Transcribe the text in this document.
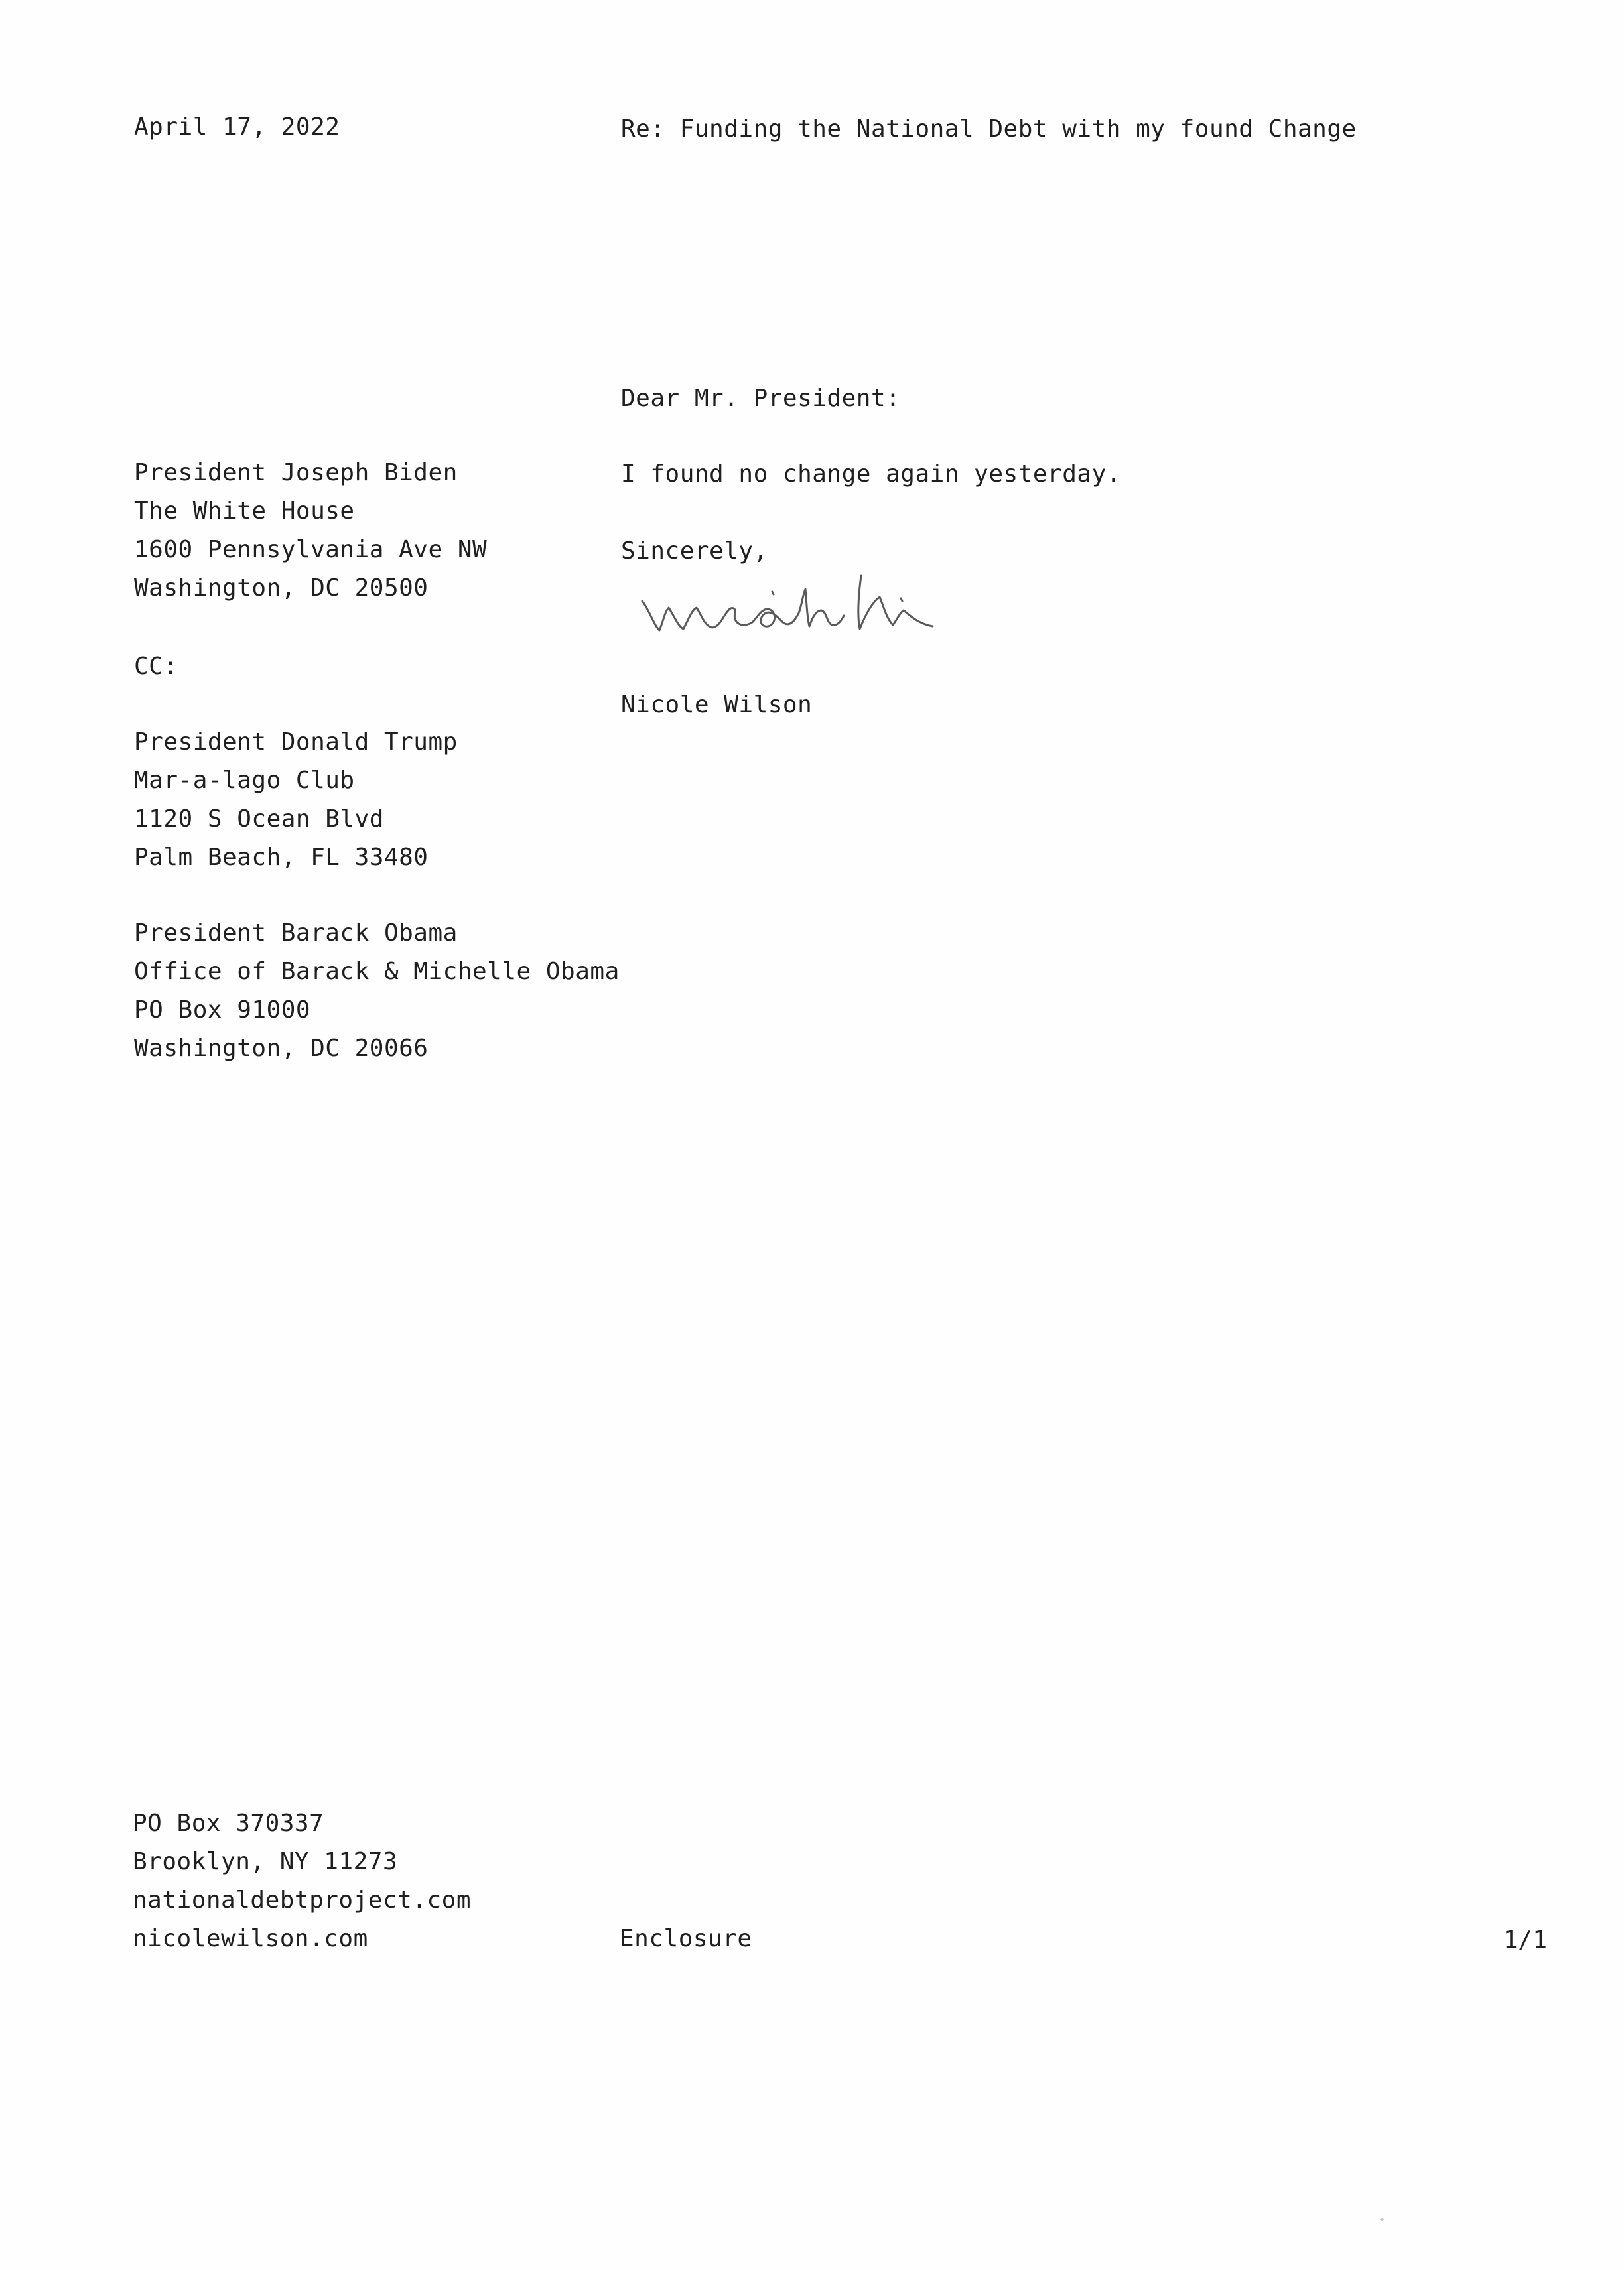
April 17, 2022	Re: Funding the National Debt with my found Change
Dear Mr. President:
I found no change again yesterday.
Sincerely,
Nicole Wilson
President Joseph Biden
The White House
1600 Pennsylvania Ave NW
Washington, DC 20500
CC:
President Donald Trump
Mar-a-lago Club
1120 S Ocean Blvd
Palm Beach, FL 33480
President Barack Obama
Office of Barack & Michelle Obama
PO Box 91000
Washington, DC 20066
PO Box 370337
Brooklyn, NY 11273
nationaldebtproject.com
nicolewilson.com	Enclosure	1/1
